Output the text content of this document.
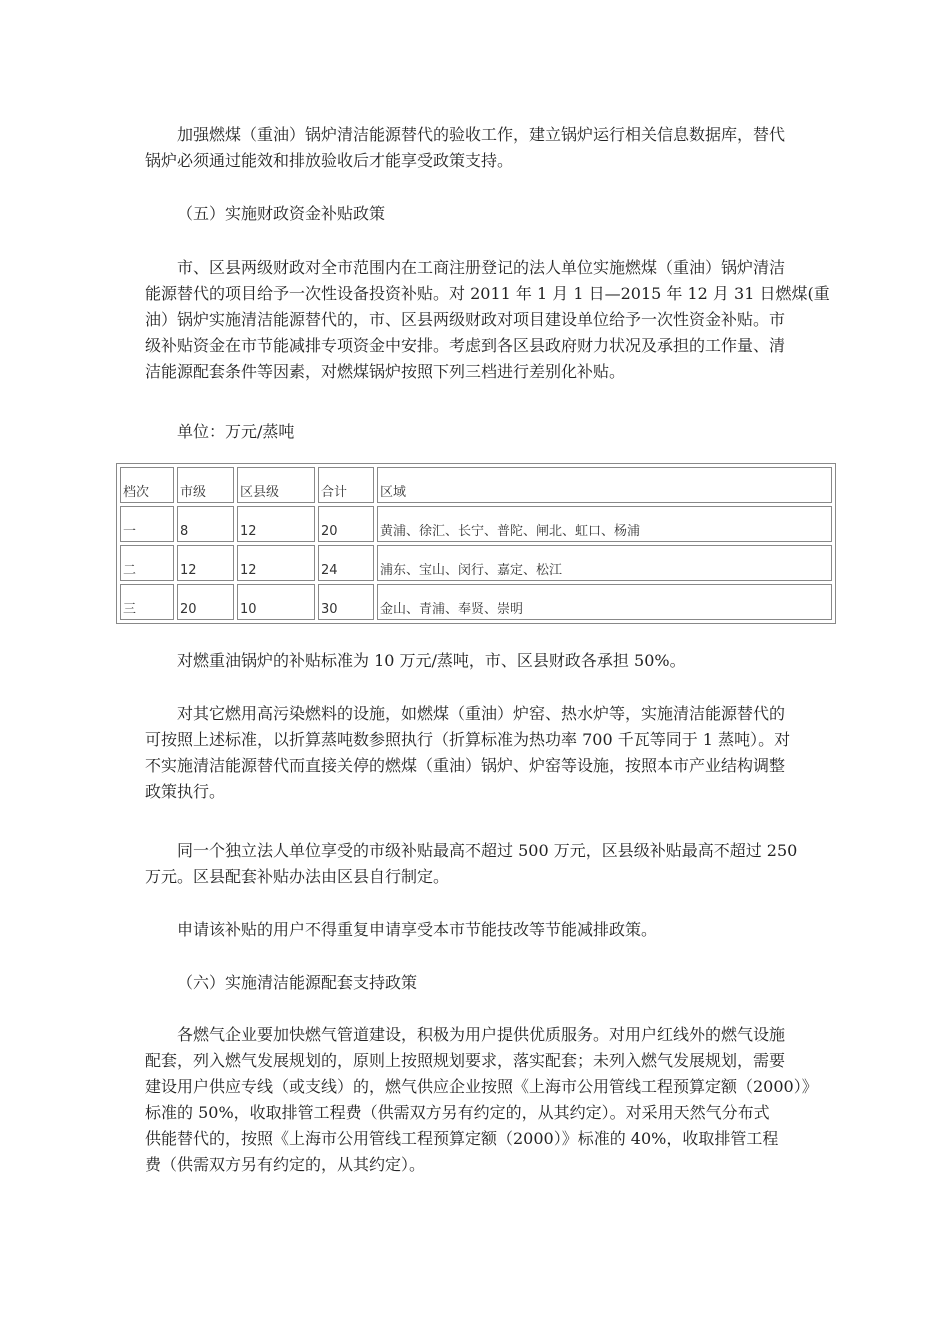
加强燃煤（重油）锅炉清洁能源替代的验收工作，建立锅炉运行相关信息数据库，替代
锅炉必须通过能效和排放验收后才能享受政策支持。

（五）实施财政资金补贴政策

市、区县两级财政对全市范围内在工商注册登记的法人单位实施燃煤（重油）锅炉清洁
能源替代的项目给予一次性设备投资补贴。对 2011 年 1 月 1 日—2015 年 12 月 31 日燃煤(重
油）锅炉实施清洁能源替代的，市、区县两级财政对项目建设单位给予一次性资金补贴。市
级补贴资金在市节能减排专项资金中安排。考虑到各区县政府财力状况及承担的工作量、清
洁能源配套条件等因素，对燃煤锅炉按照下列三档进行差别化补贴。

单位：万元/蒸吨

档次	市级	区县级	合计	区域
一	8	12	20	黄浦、徐汇、长宁、普陀、闸北、虹口、杨浦
二	12	12	24	浦东、宝山、闵行、嘉定、松江
三	20	10	30	金山、青浦、奉贤、崇明

对燃重油锅炉的补贴标准为 10 万元/蒸吨，市、区县财政各承担 50%。

对其它燃用高污染燃料的设施，如燃煤（重油）炉窑、热水炉等，实施清洁能源替代的
可按照上述标准，以折算蒸吨数参照执行（折算标准为热功率 700 千瓦等同于 1 蒸吨）。对
不实施清洁能源替代而直接关停的燃煤（重油）锅炉、炉窑等设施，按照本市产业结构调整
政策执行。

同一个独立法人单位享受的市级补贴最高不超过 500 万元，区县级补贴最高不超过 250
万元。区县配套补贴办法由区县自行制定。

申请该补贴的用户不得重复申请享受本市节能技改等节能减排政策。

（六）实施清洁能源配套支持政策

各燃气企业要加快燃气管道建设，积极为用户提供优质服务。对用户红线外的燃气设施
配套，列入燃气发展规划的，原则上按照规划要求，落实配套；未列入燃气发展规划，需要
建设用户供应专线（或支线）的，燃气供应企业按照《上海市公用管线工程预算定额（2000）》
标准的 50%，收取排管工程费（供需双方另有约定的，从其约定）。对采用天然气分布式
供能替代的，按照《上海市公用管线工程预算定额（2000）》标准的 40%，收取排管工程
费（供需双方另有约定的，从其约定）。
